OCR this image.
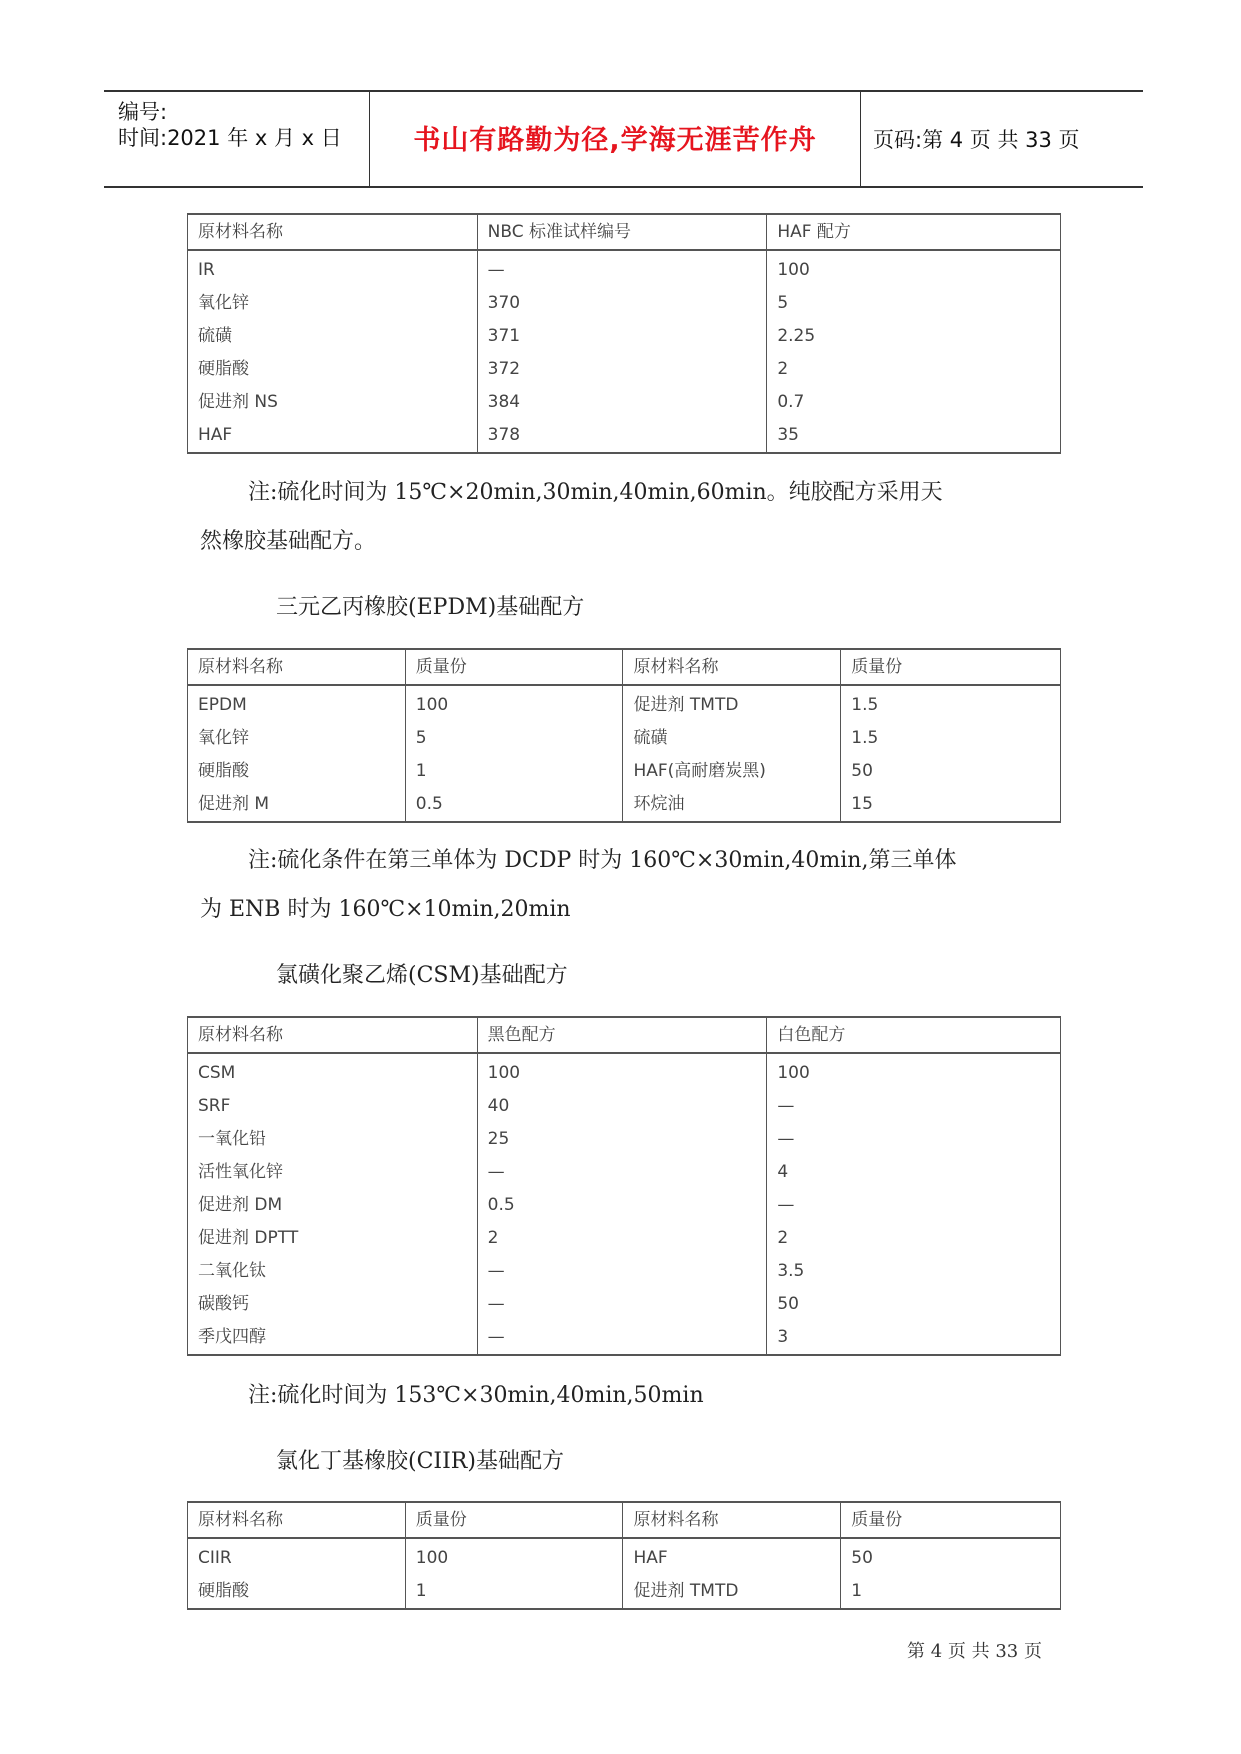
编号:
时间:2021 年 x 月 x 日	书山有路勤为径,学海无涯苦作舟	页码:第 4 页 共 33 页
原材料名称	NBC 标准试样编号	HAF 配方
IR	—	100
氧化锌	370	5
硫磺	371	2.25
硬脂酸	372	2
促进剂 NS	384	0.7
HAF	378	35
注:硫化时间为 15℃×20min,30min,40min,60min。纯胶配方采用天
然橡胶基础配方。
三元乙丙橡胶(EPDM)基础配方
原材料名称	质量份	原材料名称	质量份
EPDM	100	促进剂 TMTD	1.5
氧化锌	5	硫磺	1.5
硬脂酸	1	HAF(高耐磨炭黑)	50
促进剂 M	0.5	环烷油	15
注:硫化条件在第三单体为 DCDP 时为 160℃×30min,40min,第三单体
为 ENB 时为 160℃×10min,20min
氯磺化聚乙烯(CSM)基础配方
原材料名称	黑色配方	白色配方
CSM	100	100
SRF	40	—
一氧化铅	25	—
活性氧化锌	—	4
促进剂 DM	0.5	—
促进剂 DPTT	2	2
二氧化钛	—	3.5
碳酸钙	—	50
季戊四醇	—	3
注:硫化时间为 153℃×30min,40min,50min
氯化丁基橡胶(CIIR)基础配方
原材料名称	质量份	原材料名称	质量份
CIIR	100	HAF	50
硬脂酸	1	促进剂 TMTD	1
第 4 页 共 33 页
